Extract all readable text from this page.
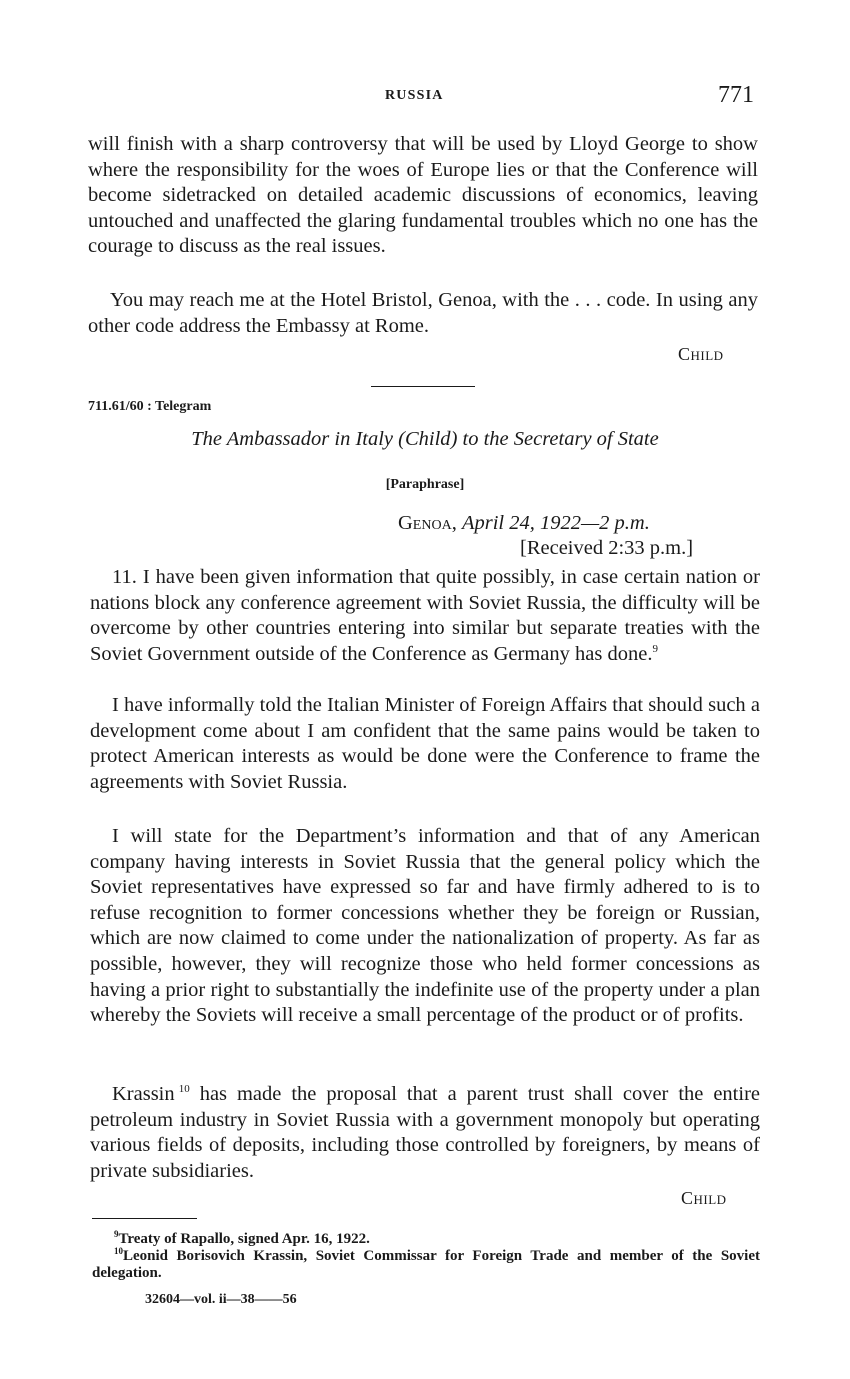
RUSSIA	771

will finish with a sharp controversy that will be used by Lloyd George to show where the responsibility for the woes of Europe lies or that the Conference will become sidetracked on detailed academic discussions of economics, leaving untouched and unaffected the glaring fundamental troubles which no one has the courage to discuss as the real issues.

You may reach me at the Hotel Bristol, Genoa, with the . . . code. In using any other code address the Embassy at Rome.

Child
711.61/60 : Telegram

The Ambassador in Italy (Child) to the Secretary of State

[Paraphrase]
Genoa, April 24, 1922—2 p.m.
[Received 2:33 p.m.]

11. I have been given information that quite possibly, in case certain nation or nations block any conference agreement with Soviet Russia, the difficulty will be overcome by other countries entering into similar but separate treaties with the Soviet Government outside of the Conference as Germany has done.$^9$

I have informally told the Italian Minister of Foreign Affairs that should such a development come about I am confident that the same pains would be taken to protect American interests as would be done were the Conference to frame the agreements with Soviet Russia.

I will state for the Department’s information and that of any American company having interests in Soviet Russia that the general policy which the Soviet representatives have expressed so far and have firmly adhered to is to refuse recognition to former concessions whether they be foreign or Russian, which are now claimed to come under the nationalization of property. As far as possible, however, they will recognize those who held former concessions as having a prior right to substantially the indefinite use of the property under a plan whereby the Soviets will receive a small percentage of the product or of profits.

Krassin  $^{10}$ has made the proposal that a parent trust shall cover the entire petroleum industry in Soviet Russia with a government monopoly but operating various fields of deposits, including those controlled by foreigners, by means of private subsidiaries.

Child

$^9$Treaty of Rapallo, signed Apr. 16, 1922.

$^{10}$Leonid Borisovich Krassin, Soviet Commissar for Foreign Trade and member of the Soviet delegation.

32604—vol. ii—38——56
